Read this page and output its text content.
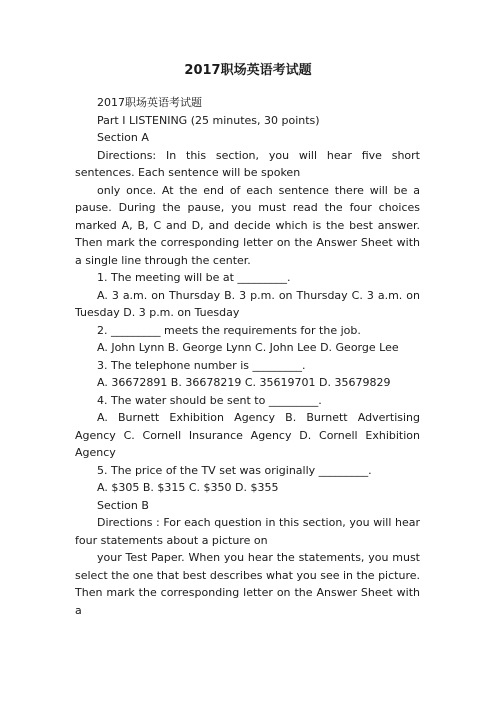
2017职场英语考试题

2017职场英语考试题

Part I LISTENING (25 minutes, 30 points)

Section A

Directions: In this section, you will hear five short sentences. Each sentence will be spoken

only once. At the end of each sentence there will be a pause. During the pause, you must read the four choices marked A, B, C and D, and decide which is the best answer. Then mark the corresponding letter on the Answer Sheet with a single line through the center.

1. The meeting will be at _________.

A. 3 a.m. on Thursday B. 3 p.m. on Thursday C. 3 a.m. on Tuesday D. 3 p.m. on Tuesday

2. _________ meets the requirements for the job.

A. John Lynn B. George Lynn C. John Lee D. George Lee

3. The telephone number is _________.

A. 36672891 B. 36678219 C. 35619701 D. 35679829

4. The water should be sent to _________.

A. Burnett Exhibition Agency B. Burnett Advertising Agency C. Cornell Insurance Agency D. Cornell Exhibition Agency

5. The price of the TV set was originally _________.

A. $305 B. $315 C. $350 D. $355

Section B

Directions : For each question in this section, you will hear four statements about a picture on

your Test Paper. When you hear the statements, you must select the one that best describes what you see in the picture. Then mark the corresponding letter on the Answer Sheet with a
